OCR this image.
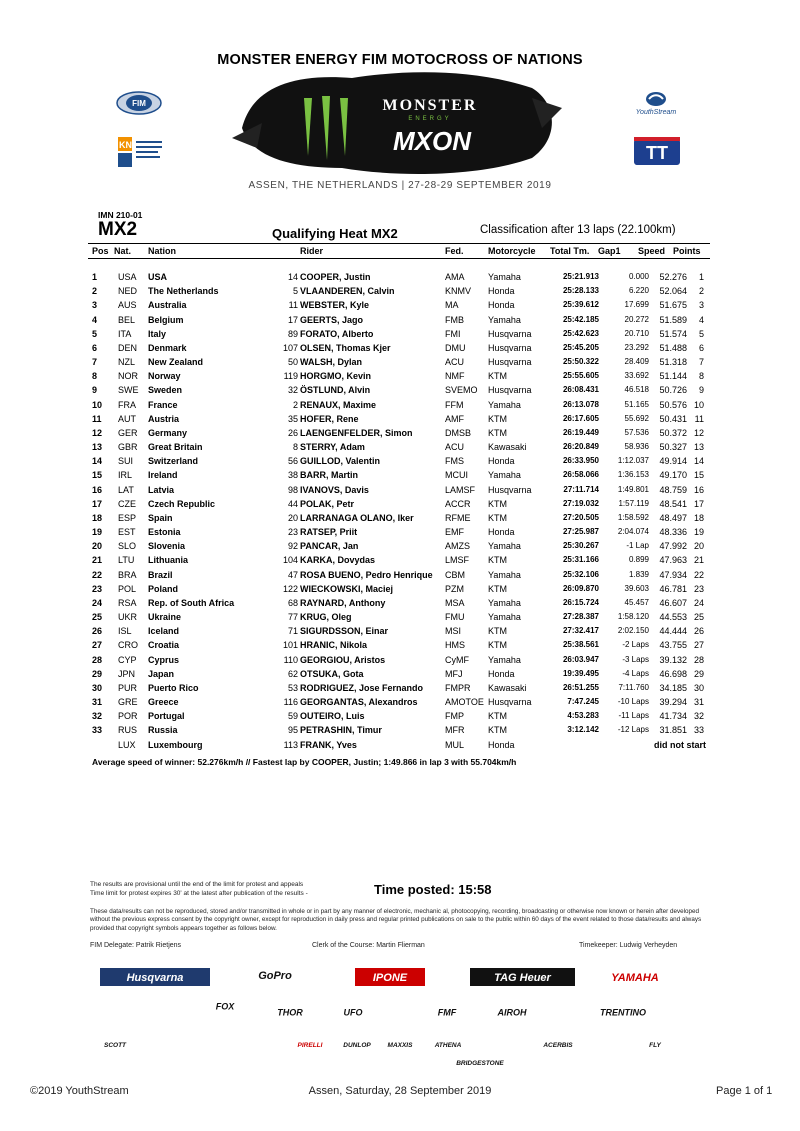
MONSTER ENERGY FIM MOTOCROSS OF NATIONS
FIM
KN
MONSTER
ENERGY
MXON
YouthStream
TT
ASSEN, THE NETHERLANDS | 27-28-29 SEPTEMBER 2019
IMN 210-01
MX2	Qualifying Heat MX2	Classification after 13 laps (22.100km)
Pos Nat. Nation	Rider	Fed.	Motorcycle Total Tm. Gap1 Speed Points
1 USA USA	14 COOPER, Justin	AMA	Yamaha	25:21.913	0.000	52.276	1
2 NED The Netherlands	5 VLAANDEREN, Calvin	KNMV Honda	25:28.133	6.220	52.064	2
3 AUS Australia	11 WEBSTER, Kyle	MA	Honda	25:39.612	17.699	51.675	3
4 BEL Belgium	17 GEERTS, Jago	FMB	Yamaha	25:42.185	20.272	51.589	4
5 ITA Italy	89 FORATO, Alberto	FMI	Husqvarna	25:42.623	20.710	51.574	5
6 DEN Denmark	107 OLSEN, Thomas Kjer	DMU	Husqvarna	25:45.205	23.292	51.488	6
7 NZL New Zealand	50 WALSH, Dylan	ACU	Husqvarna	25:50.322	28.409	51.318	7
8 NOR Norway	119 HORGMO, Kevin	NMF	KTM	25:55.605	33.692	51.144	8
9 SWE Sweden	32 ÖSTLUND, Alvin	SVEMO Husqvarna	26:08.431	46.518	50.726	9
10 FRA France	2 RENAUX, Maxime	FFM	Yamaha	26:13.078	51.165	50.576 10
11 AUT Austria	35 HOFER, Rene	AMF	KTM	26:17.605	55.692	50.431 11
12 GER Germany	26 LAENGENFELDER, Simon	DMSB KTM	26:19.449	57.536	50.372 12
13 GBR Great Britain	8 STERRY, Adam	ACU	Kawasaki	26:20.849	58.936	50.327 13
14 SUI Switzerland	56 GUILLOD, Valentin	FMS	Honda	26:33.950	1:12.037	49.914 14
15 IRL Ireland	38 BARR, Martin	MCUI Yamaha	26:58.066	1:36.153	49.170 15
16 LAT Latvia	98 IVANOVS, Davis	LAMSF Husqvarna	27:11.714	1:49.801	48.759 16
17 CZE Czech Republic	44 POLAK, Petr	ACCR KTM	27:19.032	1:57.119	48.541 17
18 ESP Spain	20 LARRANAGA OLANO, Iker	RFME KTM	27:20.505	1:58.592	48.497 18
19 EST Estonia	23 RATSEP, Priit	EMF	Honda	27:25.987	2:04.074	48.336 19
20 SLO Slovenia	92 PANCAR, Jan	AMZS Yamaha	25:30.267	-1 Lap	47.992 20
21 LTU Lithuania	104 KARKA, Dovydas	LMSF KTM	25:31.166	0.899	47.963 21
22 BRA Brazil	47 ROSA BUENO, Pedro Henrique CBM	Yamaha	25:32.106	1.839	47.934 22
23 POL Poland	122 WIECKOWSKI, Maciej	PZM	KTM	26:09.870	39.603	46.781 23
24 RSA Rep. of South Africa	68 RAYNARD, Anthony	MSA	Yamaha	26:15.724	45.457	46.607 24
25 UKR Ukraine	77 KRUG, Oleg	FMU	Yamaha	27:28.387	1:58.120	44.553 25
26 ISL Iceland	71 SIGURDSSON, Einar	MSI	KTM	27:32.417	2:02.150	44.444 26
27 CRO Croatia	101 HRANIC, Nikola	HMS	KTM	25:38.561	-2 Laps	43.755 27
28 CYP Cyprus	110 GEORGIOU, Aristos	CyMF Yamaha	26:03.947	-3 Laps	39.132 28
29 JPN Japan	62 OTSUKA, Gota	MFJ	Honda	19:39.495	-4 Laps	46.698 29
30 PUR Puerto Rico	53 RODRIGUEZ, Jose Fernando FMPR Kawasaki	26:51.255	7:11.760	34.185 30
31 GRE Greece	116 GEORGANTAS, Alexandros	AMOTOE Husqvarna	7:47.245	-10 Laps	39.294 31
32 POR Portugal	59 OUTEIRO, Luis	FMP	KTM	4:53.283	-11 Laps	41.734 32
33 RUS Russia	95 PETRASHIN, Timur	MFR	KTM	3:12.142	-12 Laps	31.851 33
LUX Luxembourg	113 FRANK, Yves	MUL	Honda	did not start
Average speed of winner: 52.276km/h // Fastest lap by COOPER, Justin; 1:49.866 in lap 3 with 55.704km/h
The results are provisional until the end of the limit for protest and appeals
Time limit for protest expires 30' at the latest after publication of the results -	Time posted: 15:58
These data/results can not be reproduced, stored and/or transmitted in whole or in part by any manner of electronic, mechanic al, photocopying, recording, broadcasting or otherwise now known or herein after developed without the previous express consent by the copyright owner, except for reproduction in daily press and regular printed publications on sale to the public within 60 days of the event related to those data/results and always provided that copyright symbols appears together as follows below.
FIM Delegate: Patrik Rietjens	Clerk of the Course: Martin Flierman	Timekeeper: Ludwig Verheyden
Husqvarna	GoPro	IPONE	TAG Heuer	YAMAHA
FOX
THOR	UFO	FMF	AIROH	TRENTINO
SCOTT	PIRELLI	DUNLOP	MAXXIS	ATHENA	ACERBIS	FLY
BRIDGESTONE
©2019 YouthStream	Assen, Saturday, 28 September 2019	Page 1 of 1
